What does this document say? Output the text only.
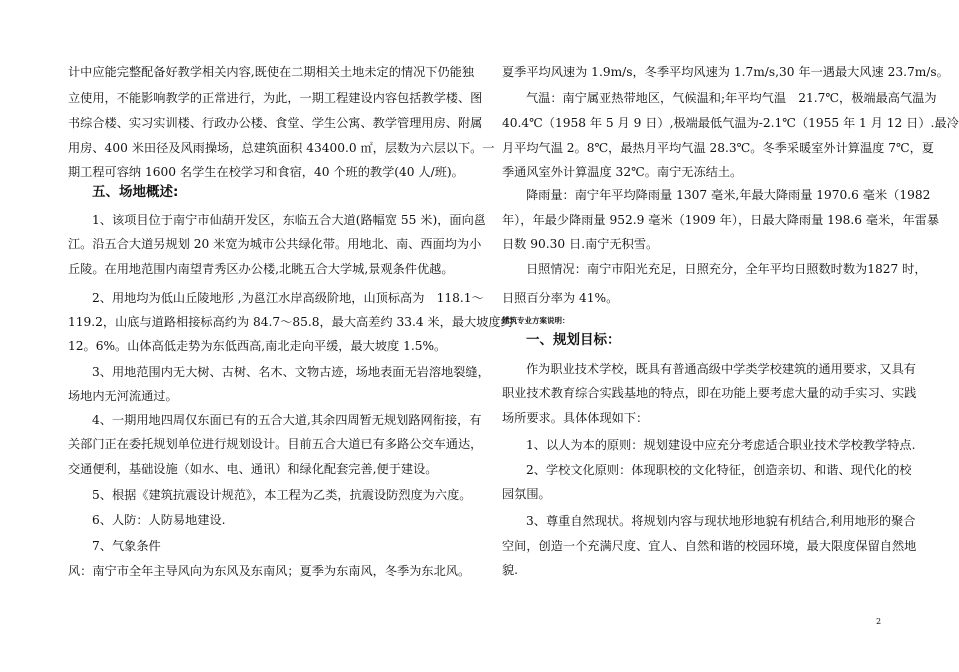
计中应能完整配备好教学相关内容,既使在二期相关土地未定的情况下仍能独
立使用，不能影响教学的正常进行，为此，一期工程建设内容包括教学楼、图
书综合楼、实习实训楼、行政办公楼、食堂、学生公寓、教学管理用房、附属
用房、400 米田径及风雨操场，总建筑面积 43400.0 ㎡，层数为六层以下。一
期工程可容纳 1600 名学生在校学习和食宿，40 个班的教学(40 人/班)。
五、场地概述:
1、该项目位于南宁市仙葫开发区，东临五合大道(路幅宽 55 米)，面向邕
江。沿五合大道另规划 20 米宽为城市公共绿化带。用地北、南、西面均为小
丘陵。在用地范围内南望青秀区办公楼,北眺五合大学城,景观条件优越。
2、用地均为低山丘陵地形 ,为邕江水岸高级阶地，山顶标高为　118.1～
119.2，山底与道路相接标高约为 84.7～85.8，最大高差约 33.4 米，最大坡度约
12。6%。山体高低走势为东低西高,南北走向平缓，最大坡度 1.5%。
3、用地范围内无大树、古树、名木、文物古迹，场地表面无岩溶地裂缝，
场地内无河流通过。
4、一期用地四周仅东面已有的五合大道,其余四周暂无规划路网衔接，有
关部门正在委托规划单位进行规划设计。目前五合大道已有多路公交车通达，
交通便利，基础设施（如水、电、通讯）和绿化配套完善,便于建设。
5、根据《建筑抗震设计规范》，本工程为乙类，抗震设防烈度为六度。
6、人防：人防易地建设.
7、气象条件
风：南宁市全年主导风向为东风及东南风；夏季为东南风，冬季为东北风。
夏季平均风速为 1.9m/s，冬季平均风速为 1.7m/s,30 年一遇最大风速 23.7m/s。
气温：南宁属亚热带地区，气候温和;年平均气温　21.7℃，极端最高气温为
40.4℃（1958 年 5 月 9 日）,极端最低气温为-2.1℃（1955 年 1 月 12 日）.最冷
月平均气温 2。8℃，最热月平均气温 28.3℃。冬季采暖室外计算温度 7℃，夏
季通风室外计算温度 32℃。南宁无冻结土。
降雨量：南宁年平均降雨量 1307 毫米,年最大降雨量 1970.6 毫米（1982
年），年最少降雨量 952.9 毫米（1909 年），日最大降雨量 198.6 毫米，年雷暴
日数 90.30 日.南宁无积雪。
日照情况：南宁市阳光充足，日照充分，全年平均日照数时数为1827 时，
日照百分率为 41%。
建筑专业方案说明：
一、规划目标：
作为职业技术学校，既具有普通高级中学类学校建筑的通用要求，又具有
职业技术教育综合实践基地的特点，即在功能上要考虑大量的动手实习、实践
场所要求。具体体现如下：
1、以人为本的原则：规划建设中应充分考虑适合职业技术学校教学特点.
2、学校文化原则：体现职校的文化特征，创造亲切、和谐、现代化的校
园氛围。
3、尊重自然现状。将规划内容与现状地形地貌有机结合,利用地形的聚合
空间，创造一个充满尺度、宜人、自然和谐的校园环境，最大限度保留自然地
貌.
2
